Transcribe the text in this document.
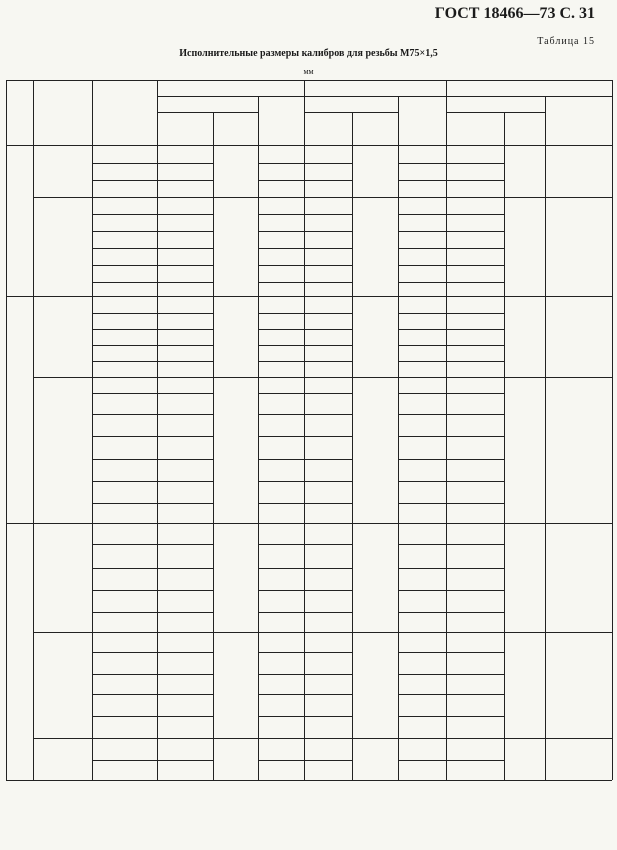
ГОСТ 18466—73 С. 31
Таблица 15
Исполнительные размеры калибров для резьбы М75×1,5
мм
